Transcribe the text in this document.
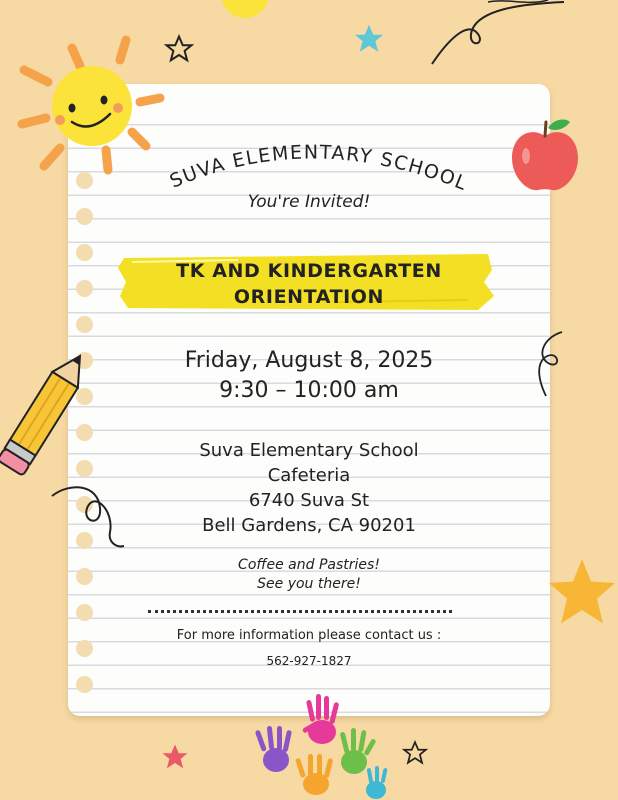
SUVA ELEMENTARY SCHOOL
You're Invited!
TK AND KINDERGARTEN
ORIENTATION
Friday, August 8, 2025
9:30 – 10:00 am
Suva Elementary School
Cafeteria
6740 Suva St
Bell Gardens, CA 90201
Coffee and Pastries!
See you there!
For more information please contact us :
562-927-1827
